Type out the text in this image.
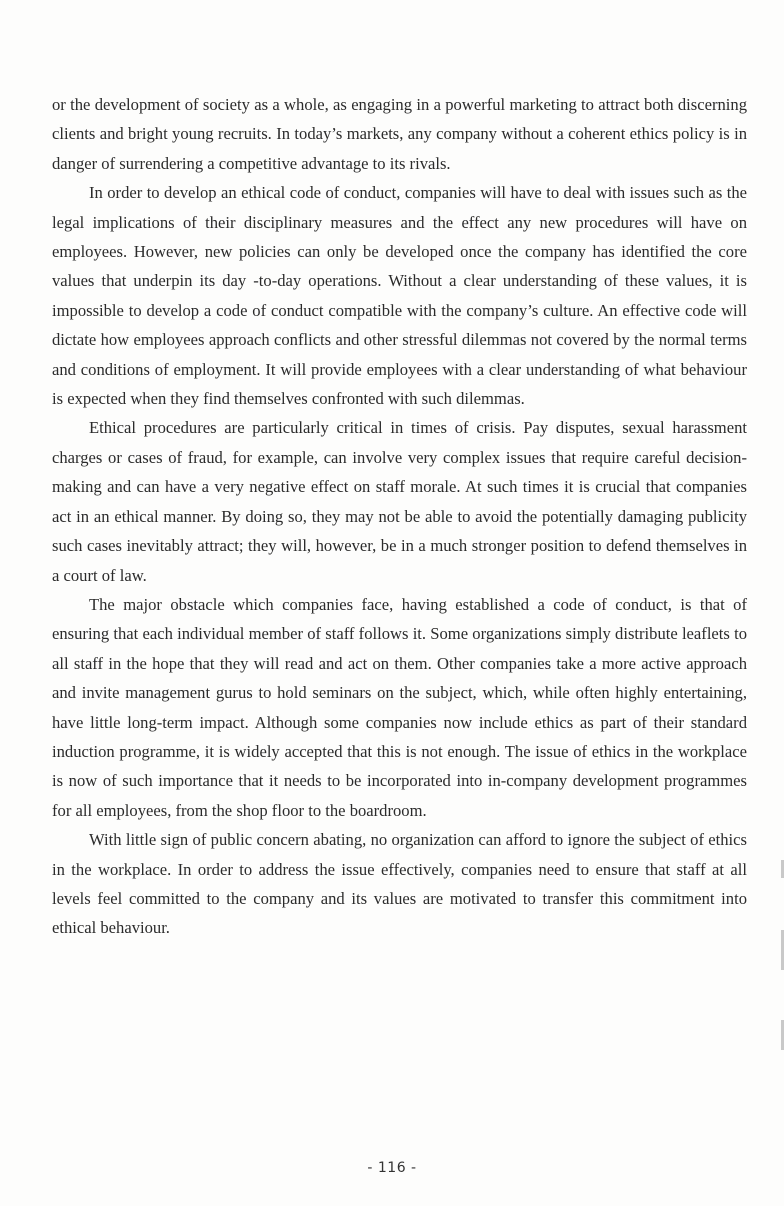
or the development of society as a whole, as engaging in a powerful marketing to attract both discerning clients and bright young recruits. In today’s markets, any company without a coherent ethics policy is in danger of surrendering a competitive advantage to its rivals.

In order to develop an ethical code of conduct, companies will have to deal with issues such as the legal implications of their disciplinary measures and the effect any new procedures will have on employees. However, new policies can only be developed once the company has identified the core values that underpin its day -to-day operations. Without a clear understanding of these values, it is impossible to develop a code of conduct compatible with the company’s culture. An effective code will dictate how employees approach conflicts and other stressful dilemmas not covered by the normal terms and conditions of employment. It will provide employees with a clear understanding of what behaviour is expected when they find themselves confronted with such dilemmas.

Ethical procedures are particularly critical in times of crisis. Pay disputes, sexual harassment charges or cases of fraud, for example, can involve very complex issues that require careful decision-making and can have a very negative effect on staff morale. At such times it is crucial that companies act in an ethical manner. By doing so, they may not be able to avoid the potentially damaging publicity such cases inevitably attract; they will, however, be in a much stronger position to defend themselves in a court of law.

The major obstacle which companies face, having established a code of conduct, is that of ensuring that each individual member of staff follows it. Some organizations simply distribute leaflets to all staff in the hope that they will read and act on them. Other companies take a more active approach and invite management gurus to hold seminars on the subject, which, while often highly entertaining, have little long-term impact. Although some companies now include ethics as part of their standard induction programme, it is widely accepted that this is not enough. The issue of ethics in the workplace is now of such importance that it needs to be incorporated into in-company development programmes for all employees, from the shop floor to the boardroom.

With little sign of public concern abating, no organization can afford to ignore the subject of ethics in the workplace. In order to address the issue effectively, companies need to ensure that staff at all levels feel committed to the company and its values are motivated to transfer this commitment into ethical behaviour.

- 116 -
